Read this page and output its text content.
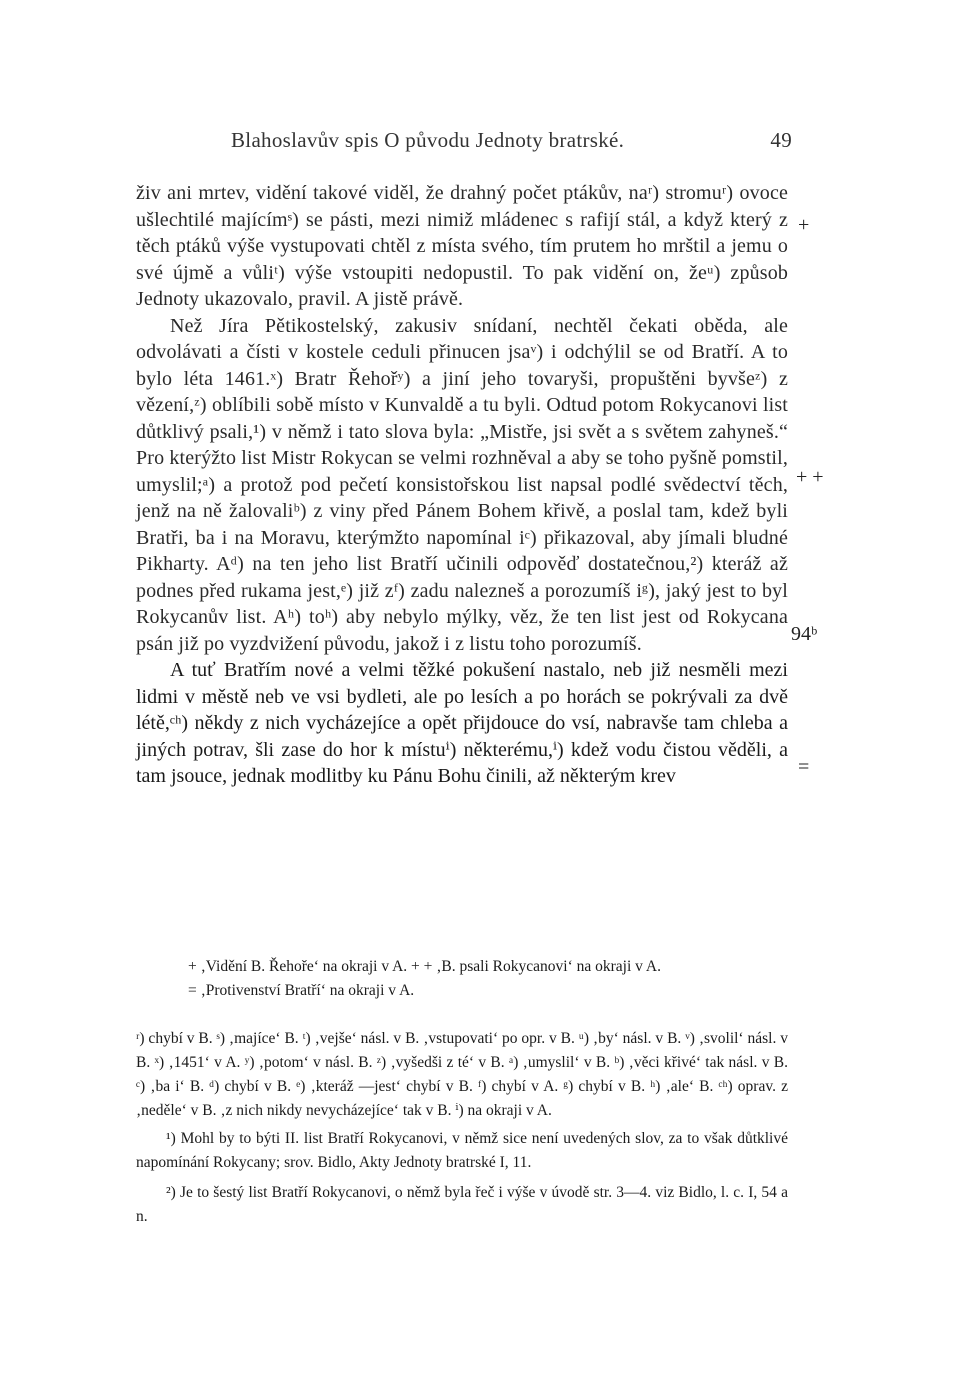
Blahoslavův spis O původu Jednoty bratrské.	49

živ ani mrtev, vidění takové viděl, že drahný počet ptákův, naʳ) stromuʳ) ovoce ušlechtilé majícímˢ) se pásti, mezi nimiž mládenec s rafijí stál, a když který z těch ptáků výše vystupovati chtěl z místa svého, tím prutem ho mrštil a jemu o své újmě a vůliᵗ) výše vstoupiti nedopustil. To pak vidění on, žeᵘ) způsob Jednoty ukazovalo, pravil. A jistě právě.

Než Jíra Pětikostelský, zakusiv snídaní, nechtěl čekati oběda, ale odvolávati a čísti v kostele ceduli přinucen jsaᵛ) i odchýlil se od Bratří. A to bylo léta 1461.ˣ) Bratr Řehořʸ) a jiní jeho tovaryši, propuštěni byvšeᶻ) z vězení,ᶻ) oblíbili sobě místo v Kunvaldě a tu byli. Odtud potom Rokycanovi list důtklivý psali,¹) v němž i tato slova byla: „Mistře, jsi svět a s světem zahyneš.“ Pro kterýžto list Mistr Rokycan se velmi rozhněval a aby se toho pyšně pomstil, umyslil;ᵃ) a protož pod pečetí konsistořskou list napsal podlé svědectví těch, jenž na ně žalovaliᵇ) z viny před Pánem Bohem křivě, a poslal tam, kdež byli Bratři, ba i na Moravu, kterýmžto napomínal iᶜ) přikazoval, aby jímali bludné Pikharty. Aᵈ) na ten jeho list Bratří učinili odpověď dostatečnou,²) kteráž až podnes před rukama jest,ᵉ) již zᶠ) zadu nalezneš a porozumíš iᵍ), jaký jest to byl Rokycanův list. Aʰ) toʰ) aby nebylo mýlky, věz, že ten list jest od Rokycana psán již po vyzdvižení původu, jakož i z listu toho porozumíš.

A tuť Bratřím nové a velmi těžké pokušení nastalo, neb již nesměli mezi lidmi v městě neb ve vsi bydleti, ale po lesích a po horách se pokrývali za dvě létě,ᶜʰ) někdy z nich vycházejíce a opět přijdouce do vsí, nabravše tam chleba a jiných potrav, šli zase do hor k místuⁱ) některému,ⁱ) kdež vodu čistou věděli, a tam jsouce, jednak modlitby ku Pánu Bohu činili, až některým krev

+
+ +
94ᵇ
=

+ ‚Vidění B. Řehoře‘ na okraji v A. + + ‚B. psali Rokycanovi‘ na okraji v A.

= ‚Protivenství Bratří‘ na okraji v A.

ʳ) chybí v B. ˢ) ‚majíce‘ B. ᵗ) ‚vejše‘ násl. v B. ‚vstupovati‘ po opr. v B. ᵘ) ‚by‘ násl. v B. ᵛ) ‚svolil‘ násl. v B. ˣ) ‚1451‘ v A. ʸ) ‚potom‘ v násl. B. ᶻ) ‚vyšedši z té‘ v B. ᵃ) ‚umyslil‘ v B. ᵇ) ‚věci křivé‘ tak násl. v B. ᶜ) ‚ba i‘ B. ᵈ) chybí v B. ᵉ) ‚kteráž —jest‘ chybí v B. ᶠ) chybí v A. ᵍ) chybí v B. ʰ) ‚ale‘ B. ᶜʰ) oprav. z ‚neděle‘ v B. ‚z nich nikdy nevycházejíce‘ tak v B. ⁱ) na okraji v A.

¹) Mohl by to býti II. list Bratří Rokycanovi, v němž sice není uvedených slov, za to však důtklivé napomínání Rokycany; srov. Bidlo, Akty Jednoty bratrské I, 11.

²) Je to šestý list Bratří Rokycanovi, o němž byla řeč i výše v úvodě str. 3—4. viz Bidlo, l. c. I, 54 a n.
